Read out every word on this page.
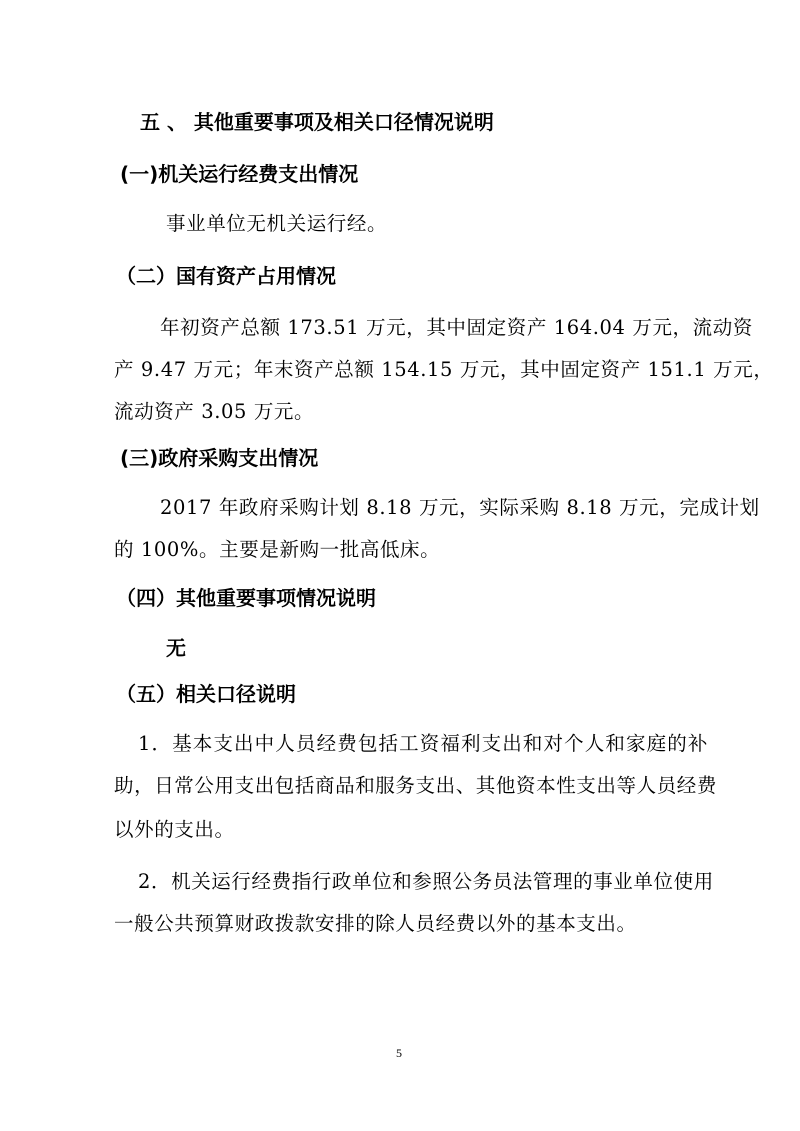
五 、 其他重要事项及相关口径情况说明
(一)机关运行经费支出情况
事业单位无机关运行经。
（二）国有资产占用情况
年初资产总额 173.51 万元，其中固定资产 164.04 万元，流动资
产 9.47 万元；年末资产总额 154.15 万元，其中固定资产 151.1 万元，
流动资产 3.05 万元。
(三)政府采购支出情况
2017 年政府采购计划 8.18 万元，实际采购 8.18 万元，完成计划
的 100%。主要是新购一批高低床。
（四）其他重要事项情况说明
无
（五）相关口径说明
1．基本支出中人员经费包括工资福利支出和对个人和家庭的补
助，日常公用支出包括商品和服务支出、其他资本性支出等人员经费
以外的支出。
2．机关运行经费指行政单位和参照公务员法管理的事业单位使用
一般公共预算财政拨款安排的除人员经费以外的基本支出。
5
